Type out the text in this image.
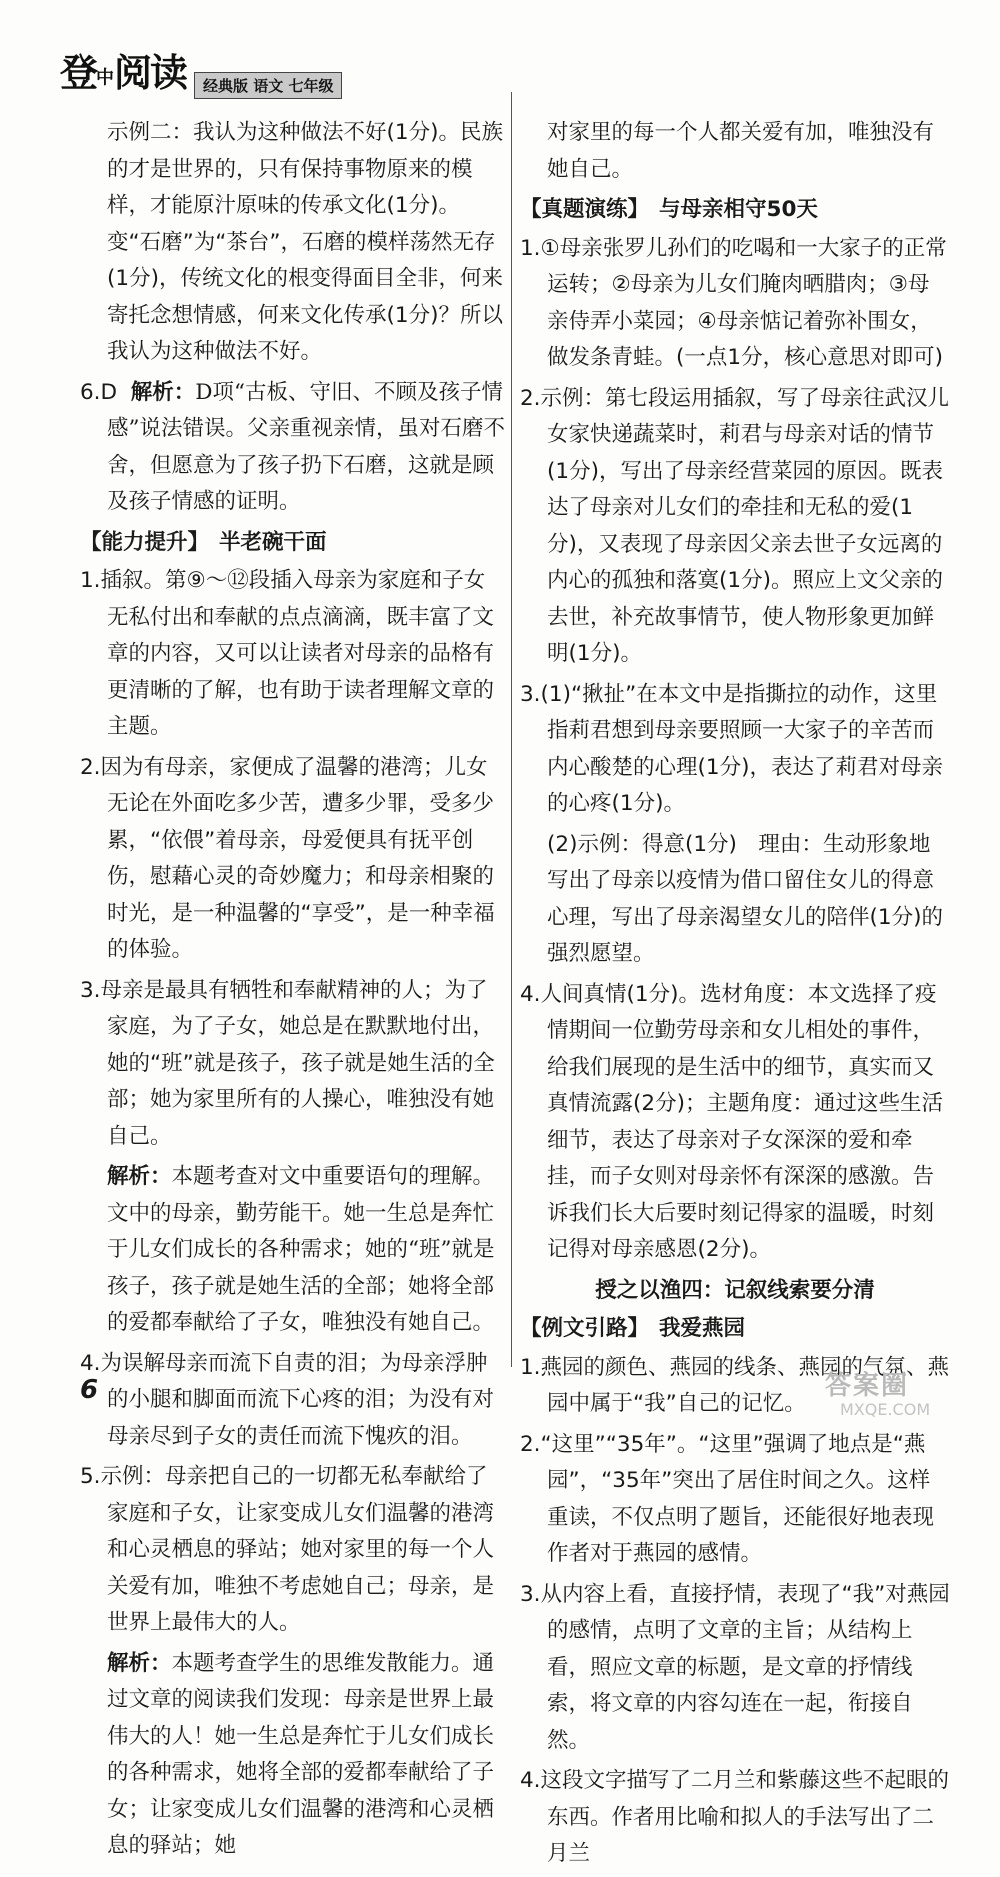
登中阅读	经典版 语文 七年级

示例二：我认为这种做法不好(1分)。民族的才是世界的，只有保持事物原来的模样，才能原汁原味的传承文化(1分)。变“石磨”为“茶台”，石磨的模样荡然无存(1分)，传统文化的根变得面目全非，何来寄托念想情感，何来文化传承(1分)？所以我认为这种做法不好。

6.D 解析：D项“古板、守旧、不顾及孩子情感”说法错误。父亲重视亲情，虽对石磨不舍，但愿意为了孩子扔下石磨，这就是顾及孩子情感的证明。

【能力提升】 半老碗干面

1.插叙。第⑨～⑫段插入母亲为家庭和子女无私付出和奉献的点点滴滴，既丰富了文章的内容，又可以让读者对母亲的品格有更清晰的了解，也有助于读者理解文章的主题。

2.因为有母亲，家便成了温馨的港湾；儿女无论在外面吃多少苦，遭多少罪，受多少累，“依偎”着母亲，母爱便具有抚平创伤，慰藉心灵的奇妙魔力；和母亲相聚的时光，是一种温馨的“享受”，是一种幸福的体验。

3.母亲是最具有牺牲和奉献精神的人；为了家庭，为了子女，她总是在默默地付出，她的“班”就是孩子，孩子就是她生活的全部；她为家里所有的人操心，唯独没有她自己。

解析：本题考查对文中重要语句的理解。文中的母亲，勤劳能干。她一生总是奔忙于儿女们成长的各种需求；她的“班”就是孩子，孩子就是她生活的全部；她将全部的爱都奉献给了子女，唯独没有她自己。

4.为误解母亲而流下自责的泪；为母亲浮肿的小腿和脚面而流下心疼的泪；为没有对母亲尽到子女的责任而流下愧疚的泪。

5.示例：母亲把自己的一切都无私奉献给了家庭和子女，让家变成儿女们温馨的港湾和心灵栖息的驿站；她对家里的每一个人关爱有加，唯独不考虑她自己；母亲，是世界上最伟大的人。

解析：本题考查学生的思维发散能力。通过文章的阅读我们发现：母亲是世界上最伟大的人！她一生总是奔忙于儿女们成长的各种需求，她将全部的爱都奉献给了子女；让家变成儿女们温馨的港湾和心灵栖息的驿站；她

对家里的每一个人都关爱有加，唯独没有她自己。

【真题演练】 与母亲相守50天

1.①母亲张罗儿孙们的吃喝和一大家子的正常运转；②母亲为儿女们腌肉晒腊肉；③母亲侍弄小菜园；④母亲惦记着弥补围女，做发条青蛙。(一点1分，核心意思对即可)

2.示例：第七段运用插叙，写了母亲往武汉儿女家快递蔬菜时，莉君与母亲对话的情节(1分)，写出了母亲经营菜园的原因。既表达了母亲对儿女们的牵挂和无私的爱(1分)，又表现了母亲因父亲去世子女远离的内心的孤独和落寞(1分)。照应上文父亲的去世，补充故事情节，使人物形象更加鲜明(1分)。

3.(1)“揪扯”在本文中是指撕拉的动作，这里指莉君想到母亲要照顾一大家子的辛苦而内心酸楚的心理(1分)，表达了莉君对母亲的心疼(1分)。

(2)示例：得意(1分)　理由：生动形象地写出了母亲以疫情为借口留住女儿的得意心理，写出了母亲渴望女儿的陪伴(1分)的强烈愿望。

4.人间真情(1分)。选材角度：本文选择了疫情期间一位勤劳母亲和女儿相处的事件，给我们展现的是生活中的细节，真实而又真情流露(2分)；主题角度：通过这些生活细节，表达了母亲对子女深深的爱和牵挂，而子女则对母亲怀有深深的感激。告诉我们长大后要时刻记得家的温暖，时刻记得对母亲感恩(2分)。

授之以渔四：记叙线索要分清
【例文引路】 我爱燕园

1.燕园的颜色、燕园的线条、燕园的气氛、燕园中属于“我”自己的记忆。

2.“这里”“35年”。“这里”强调了地点是“燕园”，“35年”突出了居住时间之久。这样重读，不仅点明了题旨，还能很好地表现作者对于燕园的感情。

3.从内容上看，直接抒情，表现了“我”对燕园的感情，点明了文章的主旨；从结构上看，照应文章的标题，是文章的抒情线索，将文章的内容勾连在一起，衔接自然。

4.这段文字描写了二月兰和紫藤这些不起眼的东西。作者用比喻和拟人的手法写出了二月兰

6	答案圈
MXQE.COM
